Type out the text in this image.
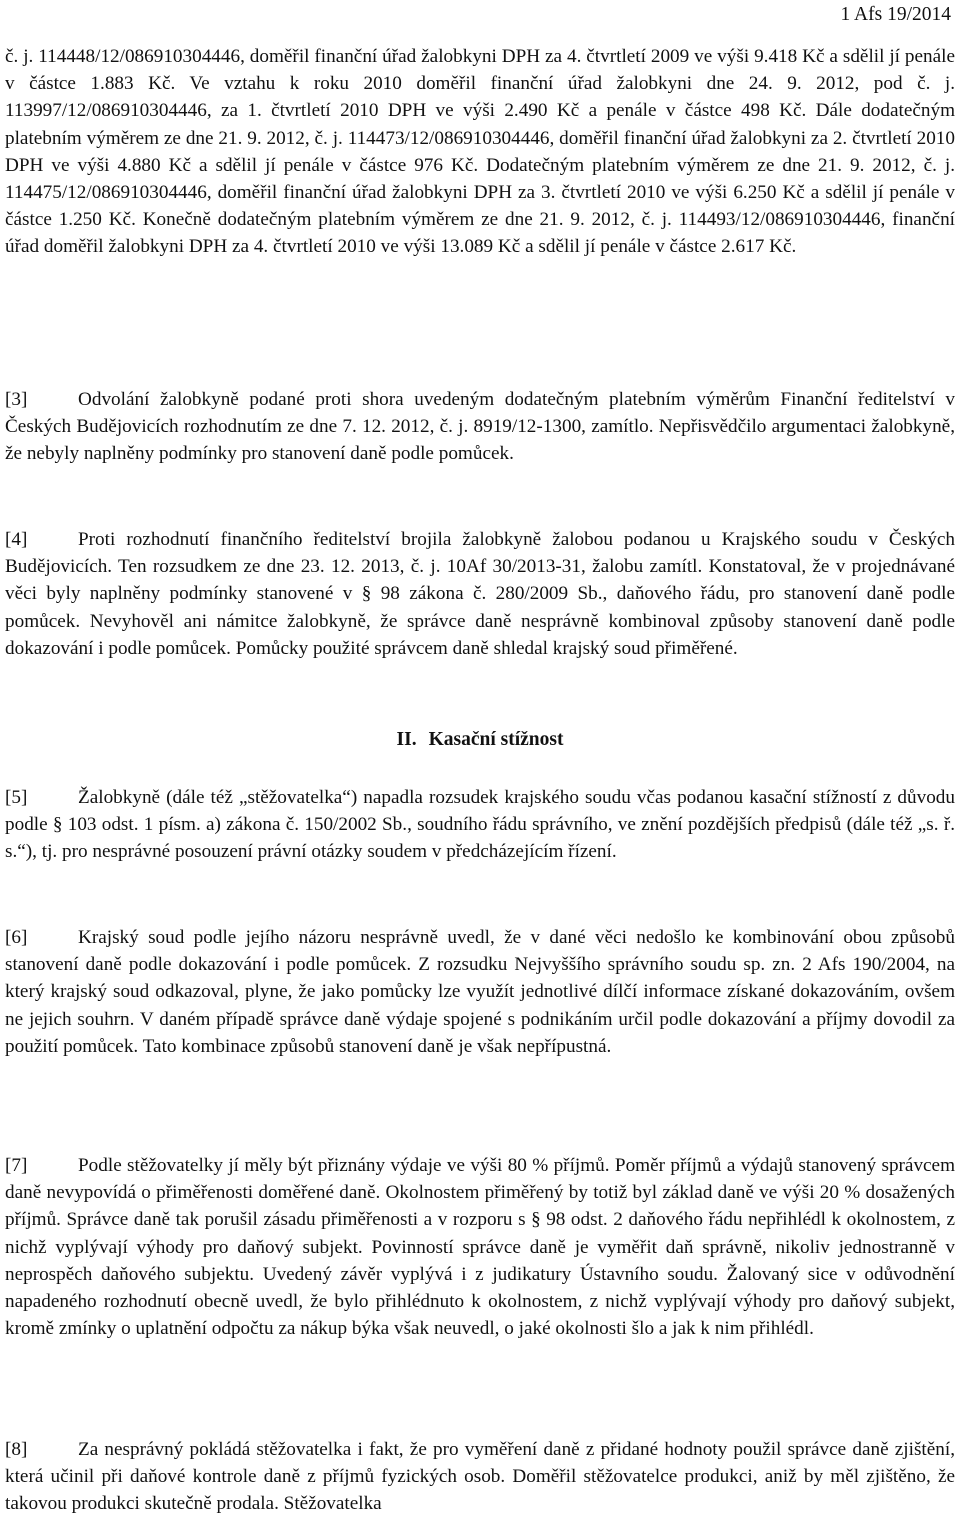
1 Afs 19/2014

č. j. 114448/12/086910304446, doměřil finanční úřad žalobkyni DPH za 4. čtvrtletí 2009 ve výši 9.418 Kč a sdělil jí penále v částce 1.883 Kč. Ve vztahu k roku 2010 doměřil finanční úřad žalobkyni dne 24. 9. 2012, pod č. j. 113997/12/086910304446, za 1. čtvrtletí 2010 DPH ve výši 2.490 Kč a penále v částce 498 Kč. Dále dodatečným platebním výměrem ze dne 21. 9. 2012, č. j. 114473/12/086910304446, doměřil finanční úřad žalobkyni za 2. čtvrtletí 2010 DPH ve výši 4.880 Kč a sdělil jí penále v částce 976 Kč. Dodatečným platebním výměrem ze dne 21. 9. 2012, č. j. 114475/12/086910304446, doměřil finanční úřad žalobkyni DPH za 3. čtvrtletí 2010 ve výši 6.250 Kč a sdělil jí penále v částce 1.250 Kč. Konečně dodatečným platebním výměrem ze dne 21. 9. 2012, č. j. 114493/12/086910304446, finanční úřad doměřil žalobkyni DPH za 4. čtvrtletí 2010 ve výši 13.089 Kč a sdělil jí penále v částce 2.617 Kč.

[3]	Odvolání žalobkyně podané proti shora uvedeným dodatečným platebním výměrům Finanční ředitelství v Českých Budějovicích rozhodnutím ze dne 7. 12. 2012, č. j. 8919/12-1300, zamítlo. Nepřisvědčilo argumentaci žalobkyně, že nebyly naplněny podmínky pro stanovení daně podle pomůcek.

[4]	Proti rozhodnutí finančního ředitelství brojila žalobkyně žalobou podanou u Krajského soudu v Českých Budějovicích. Ten rozsudkem ze dne 23. 12. 2013, č. j. 10Af 30/2013-31, žalobu zamítl. Konstatoval, že v projednávané věci byly naplněny podmínky stanovené v § 98 zákona č. 280/2009 Sb., daňového řádu, pro stanovení daně podle pomůcek. Nevyhověl ani námitce žalobkyně, že správce daně nesprávně kombinoval způsoby stanovení daně podle dokazování i podle pomůcek. Pomůcky použité správcem daně shledal krajský soud přiměřené.

II. Kasační stížnost

[5]	Žalobkyně (dále též „stěžovatelka“) napadla rozsudek krajského soudu včas podanou kasační stížností z důvodu podle § 103 odst. 1 písm. a) zákona č. 150/2002 Sb., soudního řádu správního, ve znění pozdějších předpisů (dále též „s. ř. s.“), tj. pro nesprávné posouzení právní otázky soudem v předcházejícím řízení.

[6]	Krajský soud podle jejího názoru nesprávně uvedl, že v dané věci nedošlo ke kombinování obou způsobů stanovení daně podle dokazování i podle pomůcek. Z rozsudku Nejvyššího správního soudu sp. zn. 2 Afs 190/2004, na který krajský soud odkazoval, plyne, že jako pomůcky lze využít jednotlivé dílčí informace získané dokazováním, ovšem ne jejich souhrn. V daném případě správce daně výdaje spojené s podnikáním určil podle dokazování a příjmy dovodil za použití pomůcek. Tato kombinace způsobů stanovení daně je však nepřípustná.

[7]	Podle stěžovatelky jí měly být přiznány výdaje ve výši 80 % příjmů. Poměr příjmů a výdajů stanovený správcem daně nevypovídá o přiměřenosti doměřené daně. Okolnostem přiměřený by totiž byl základ daně ve výši 20 % dosažených příjmů. Správce daně tak porušil zásadu přiměřenosti a v rozporu s § 98 odst. 2 daňového řádu nepřihlédl k okolnostem, z nichž vyplývají výhody pro daňový subjekt. Povinností správce daně je vyměřit daň správně, nikoliv jednostranně v neprospěch daňového subjektu. Uvedený závěr vyplývá i z judikatury Ústavního soudu. Žalovaný sice v odůvodnění napadeného rozhodnutí obecně uvedl, že bylo přihlédnuto k okolnostem, z nichž vyplývají výhody pro daňový subjekt, kromě zmínky o uplatnění odpočtu za nákup býka však neuvedl, o jaké okolnosti šlo a jak k nim přihlédl.

[8]	Za nesprávný pokládá stěžovatelka i fakt, že pro vyměření daně z přidané hodnoty použil správce daně zjištění, která učinil při daňové kontrole daně z příjmů fyzických osob. Doměřil stěžovatelce produkci, aniž by měl zjištěno, že takovou produkci skutečně prodala. Stěžovatelka
